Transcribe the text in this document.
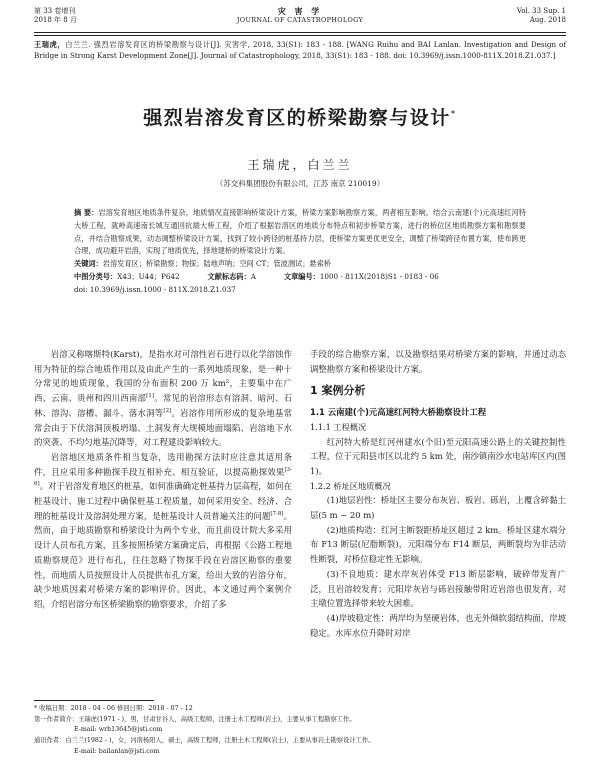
第 33 卷增刊
2018 年 8 月
灾 害 学
JOURNAL OF CATASTROPHOLOGY
Vol. 33 Sup. 1
Aug. 2018
王瑞虎，白兰兰. 强烈岩溶发育区的桥梁勘察与设计[J]. 灾害学, 2018, 33(S1): 183 - 188. [WANG Ruihu and BAI Lanlan. Investigation and Design of Bridge in Strong Karst Development Zone[J]. Journal of Catastrophology, 2018, 33(S1): 183 - 188. doi: 10.3969/j.issn.1000-811X.2018.Z1.037.]
强烈岩溶发育区的桥梁勘察与设计*
王瑞虎，白兰兰
（苏交科集团股份有限公司，江苏 南京 210019）
摘 要：岩溶发育地区地质条件复杂，地质情况直接影响桥梁设计方案，桥梁方案影响勘察方案，两者相互影响。结合云南建(个)元高速红河特大桥工程，就岭高速南长城互通回抗端大桥工程，介绍了根据岩溶区的地质分布特点和初步桥梁方案，进行的桥位区地质勘察方案和勘察要点，并结合勘察成果，动态调整桥梁设计方案，找到了较小跨径的桩基持力层，使桥梁方案更优更安全，调整了桥梁跨径布置方案，使布跨更合理，成功避开岩溶，实现了地质优先，择地建桥的桥梁设计方案。
关键词：岩溶发育区；桥梁勘察；物探；陆地声呐；空间 CT；管波测试；悬索桥
中图分类号：X43；U44；P642	文献标志码：A	文章编号：1000 - 811X(2018)S1 - 0183 - 06
doi: 10.3969/j.issn.1000 - 811X.2018.Z1.037

岩溶又称喀斯特(Karst)，是指水对可溶性岩石进行以化学溶蚀作用为特征的综合地质作用以及由此产生的一系列地质现象，是一种十分常见的地质现象，我国的分布面积 200 万 km²，主要集中在广西、云南、贵州和四川西南部[1]。常见的岩溶形态有溶洞、暗河、石林、溶沟、溶槽、漏斗、落水洞等[2]。岩溶作用所形成的复杂地基常常会由于下伏溶洞顶板坍塌、土洞发育大规模地面塌陷、岩溶地下水的突袭、不均匀地基沉降等，对工程建设影响较大。

岩溶地区地质条件相当复杂，选用勘探方法时应注意其适用条件，且应采用多种勘探手段互相补充、相互验证，以提高勘探效果[3-6]。对于岩溶发育地区的桩基，如何准确确定桩基持力层高程，如何在桩基设计、施工过程中确保桩基工程质量，如何采用安全、经济、合理的桩基设计及溶洞处理方案，是桩基设计人员普遍关注的问题[7-8]。然而，由于地质勘察和桥梁设计为两个专业，而且前设计院大多采用设计人员布孔方案，且多按照桥梁方案确定后，再根据《公路工程地质勘察规范》进行布孔，往往忽略了物探手段在岩溶区勘察的重要性，而地质人员按照设计人员提供布孔方案，给出大致的岩溶分布，缺少地质因素对桥梁方案的影响评价。因此，本文通过两个案例介绍，介绍岩溶分布区桥梁勘察的勘察要求，介绍了多

手段的综合勘察方案，以及勘察结果对桥梁方案的影响，并通过动态调整勘察方案和桥梁设计方案。

1 案例分析
1.1 云南建(个)元高速红河特大桥勘察设计工程
1.1.1 工程概况

红河特大桥是红河州建水(个旧)至元阳高速公路上的关键控制性工程，位于元阳县市区以北约 5 km 处，南沙镇南沙水电站库区内(图 1)。

1.2.2 桥址区地质概况

(1)地层岩性：桥址区主要分布灰岩、板岩、砾岩，上覆含碎黏土层(5 m ~ 20 m)

(2)地质构造：红河主断裂距桥址区超过 2 km。桥址区建水端分布 F13 断层(尼脂断裂)，元阳端分布 F14 断层，两断裂均为非活动性断裂，对桥位稳定性无影响。

(3)不良地质：建水岸灰岩体受 F13 断层影响，破碎带发育广泛，且岩溶较发育；元阳岸灰岩与砾岩接触带附近岩溶也很发育，对主墩位置选择带来较大困难。

(4)岸坡稳定性：两岸均为坚硬岩体，也无外倾软弱结构面，岸坡稳定。水库水位升降时对岸

* 收稿日期：2018 - 04 - 06 修回日期：2018 - 07 - 12
第一作者简介：王瑞虎(1971 - )，男，甘肃甘谷人，高级工程师，注册土木工程师(岩土)，主要从事工程勘察工作。
E-mail: wrh13645@jsti.com
通讯作者：白兰兰(1982 - )，女，河南杨阳人，硕士，高级工程师，注册土木工程师(岩土)，主要从事岩土勘察设计工作。
E-mail: bailanlan@jsti.com
